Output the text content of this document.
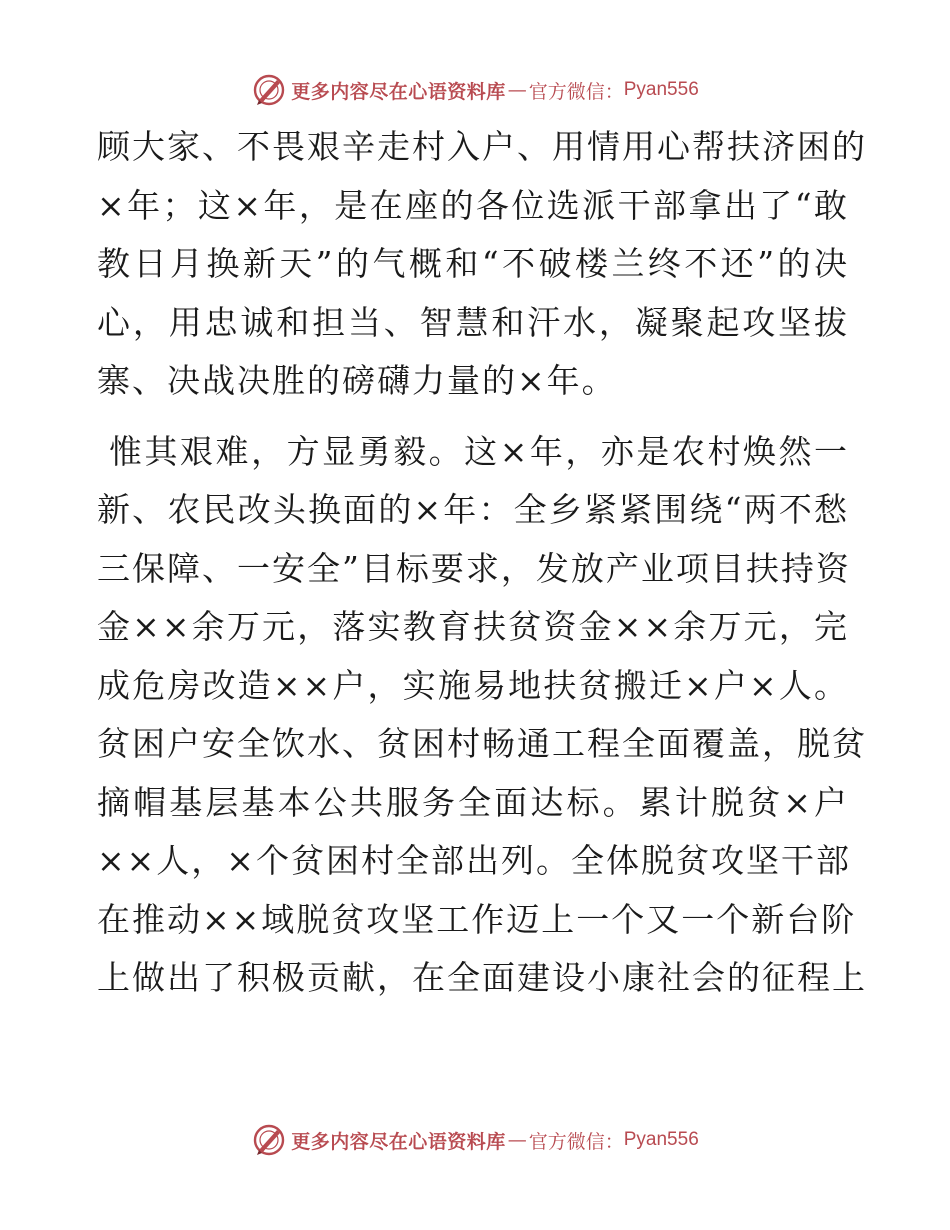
更多内容尽在心语资料库 — 官方微信： Pyan556
顾大家、不畏艰辛走村入户、用情用心帮扶济困的
×年；这×年，是在座的各位选派干部拿出了“敢
教日月换新天”的气概和“不破楼兰终不还”的决
心，用忠诚和担当、智慧和汗水，凝聚起攻坚拔
寨、决战决胜的磅礴力量的×年。
惟其艰难，方显勇毅。这×年，亦是农村焕然一
新、农民改头换面的×年：全乡紧紧围绕“两不愁
三保障、一安全”目标要求，发放产业项目扶持资
金××余万元，落实教育扶贫资金××余万元，完
成危房改造××户，实施易地扶贫搬迁×户×人。
贫困户安全饮水、贫困村畅通工程全面覆盖，脱贫
摘帽基层基本公共服务全面达标。累计脱贫×户
××人，×个贫困村全部出列。全体脱贫攻坚干部
在推动××域脱贫攻坚工作迈上一个又一个新台阶
上做出了积极贡献，在全面建设小康社会的征程上
更多内容尽在心语资料库 — 官方微信： Pyan556
